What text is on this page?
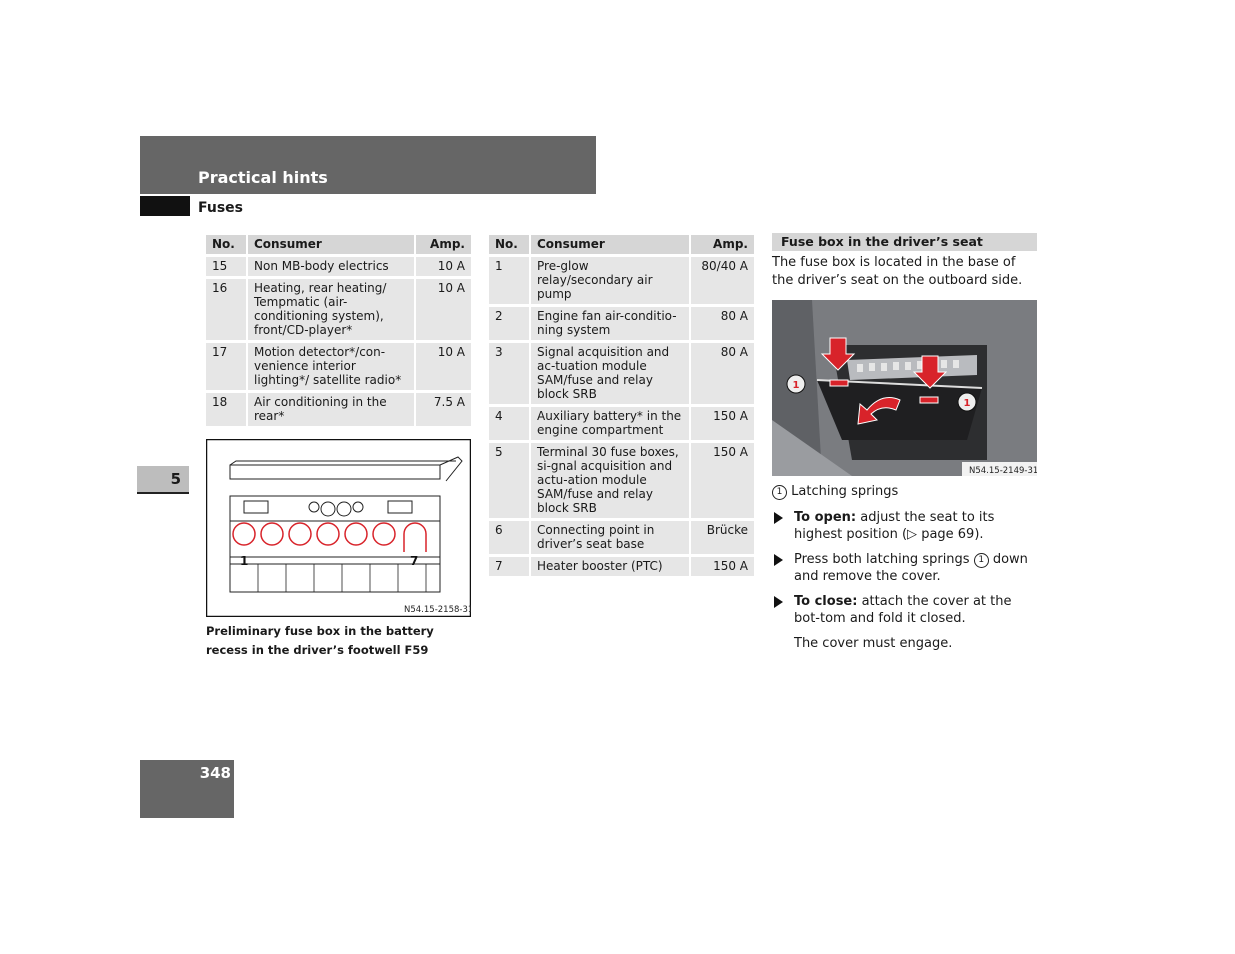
Practical hints
Fuses
5
348
No.	Consumer	Amp.
15	Non MB-body electrics	10 A
16	Heating, rear heating/ Tempmatic (air-conditioning system), front/CD-player*	10 A
17	Motion detector*/con-venience interior lighting*/ satellite radio*	10 A
18	Air conditioning in the rear*	7.5 A
1	7
N54.15-2158-31
Preliminary fuse box in the battery recess in the driver’s footwell F59
No.	Consumer	Amp.
1	Pre-glow relay/secondary air pump	80/40 A
2	Engine fan air-conditio-ning system	80 A
3	Signal acquisition and ac-tuation module SAM/fuse and relay block SRB	80 A
4	Auxiliary battery* in the engine compartment	150 A
5	Terminal 30 fuse boxes, si-gnal acquisition and actu-ation module SAM/fuse and relay block SRB	150 A
6	Connecting point in driver’s seat base	Brücke
7	Heater booster (PTC)	150 A
Fuse box in the driver’s seat
The fuse box is located in the base of the driver’s seat on the outboard side.
1
1
N54.15-2149-31
1 Latching springs
To open: adjust the seat to its highest position (▷ page 69).
Press both latching springs 1 down and remove the cover.
To close: attach the cover at the bot-tom and fold it closed.
The cover must engage.
